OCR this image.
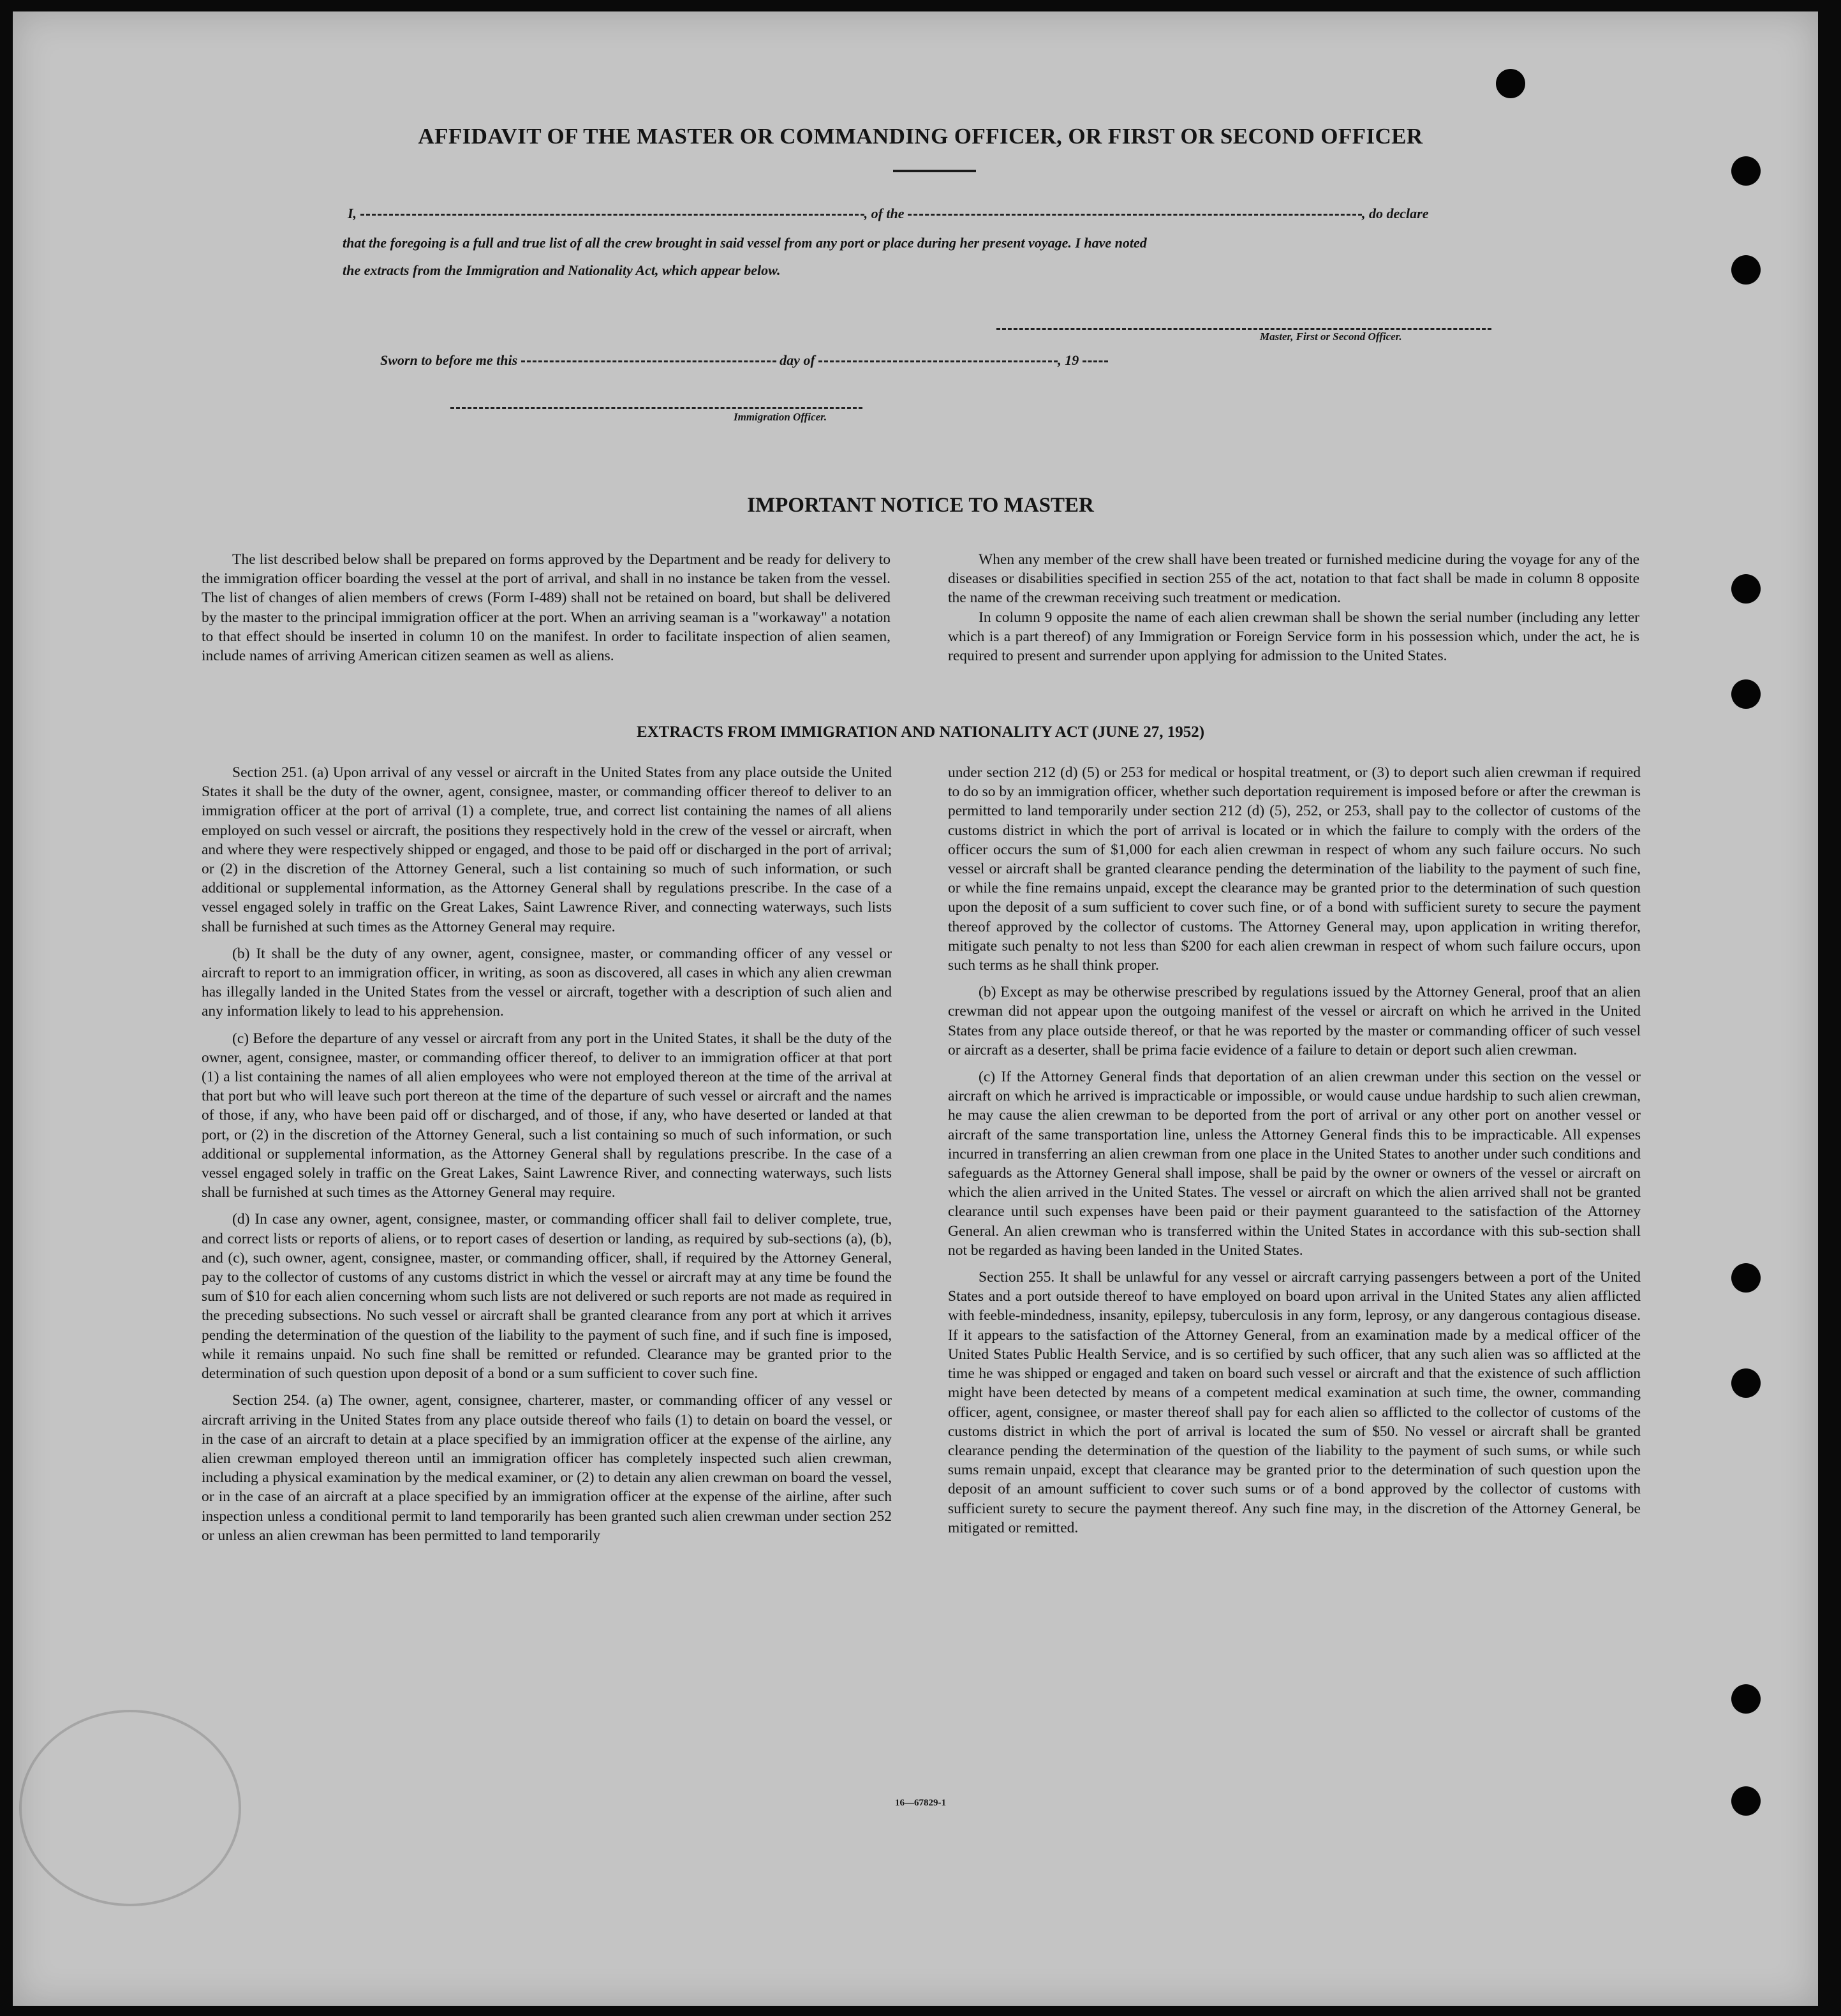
AFFIDAVIT OF THE MASTER OR COMMANDING OFFICER, OR FIRST OR SECOND OFFICER
I,	, of the	, do declare
that the foregoing is a full and true list of all the crew brought in said vessel from any port or place during her present voyage. I have noted
the extracts from the Immigration and Nationality Act, which appear below.
Master, First or Second Officer.
Sworn to before me this	day of	, 19
Immigration Officer.
IMPORTANT NOTICE TO MASTER

The list described below shall be prepared on forms approved by the Department and be ready for delivery to the immigration officer boarding the vessel at the port of arrival, and shall in no instance be taken from the vessel. The list of changes of alien members of crews (Form I-489) shall not be retained on board, but shall be delivered by the master to the principal immigration officer at the port. When an arriving seaman is a "workaway" a notation to that effect should be inserted in column 10 on the manifest. In order to facilitate inspection of alien seamen, include names of arriving American citizen seamen as well as aliens.

When any member of the crew shall have been treated or furnished medicine during the voyage for any of the diseases or disabilities specified in section 255 of the act, notation to that fact shall be made in column 8 opposite the name of the crewman receiving such treatment or medication.

In column 9 opposite the name of each alien crewman shall be shown the serial number (including any letter which is a part thereof) of any Immigration or Foreign Service form in his possession which, under the act, he is required to present and surrender upon applying for admission to the United States.

EXTRACTS FROM IMMIGRATION AND NATIONALITY ACT (JUNE 27, 1952)

Section 251. (a) Upon arrival of any vessel or aircraft in the United States from any place outside the United States it shall be the duty of the owner, agent, consignee, master, or commanding officer thereof to deliver to an immigration officer at the port of arrival (1) a complete, true, and correct list containing the names of all aliens employed on such vessel or aircraft, the positions they respectively hold in the crew of the vessel or aircraft, when and where they were respectively shipped or engaged, and those to be paid off or discharged in the port of arrival; or (2) in the discretion of the Attorney General, such a list containing so much of such information, or such additional or supplemental information, as the Attorney General shall by regulations prescribe. In the case of a vessel engaged solely in traffic on the Great Lakes, Saint Lawrence River, and connecting waterways, such lists shall be furnished at such times as the Attorney General may require.

(b) It shall be the duty of any owner, agent, consignee, master, or commanding officer of any vessel or aircraft to report to an immigration officer, in writing, as soon as discovered, all cases in which any alien crewman has illegally landed in the United States from the vessel or aircraft, together with a description of such alien and any information likely to lead to his apprehension.

(c) Before the departure of any vessel or aircraft from any port in the United States, it shall be the duty of the owner, agent, consignee, master, or commanding officer thereof, to deliver to an immigration officer at that port (1) a list containing the names of all alien employees who were not employed thereon at the time of the arrival at that port but who will leave such port thereon at the time of the departure of such vessel or aircraft and the names of those, if any, who have been paid off or discharged, and of those, if any, who have deserted or landed at that port, or (2) in the discretion of the Attorney General, such a list containing so much of such information, or such additional or supplemental information, as the Attorney General shall by regulations prescribe. In the case of a vessel engaged solely in traffic on the Great Lakes, Saint Lawrence River, and connecting waterways, such lists shall be furnished at such times as the Attorney General may require.

(d) In case any owner, agent, consignee, master, or commanding officer shall fail to deliver complete, true, and correct lists or reports of aliens, or to report cases of desertion or landing, as required by sub-sections (a), (b), and (c), such owner, agent, consignee, master, or commanding officer, shall, if required by the Attorney General, pay to the collector of customs of any customs district in which the vessel or aircraft may at any time be found the sum of $10 for each alien concerning whom such lists are not delivered or such reports are not made as required in the preceding subsections. No such vessel or aircraft shall be granted clearance from any port at which it arrives pending the determination of the question of the liability to the payment of such fine, and if such fine is imposed, while it remains unpaid. No such fine shall be remitted or refunded. Clearance may be granted prior to the determination of such question upon deposit of a bond or a sum sufficient to cover such fine.

Section 254. (a) The owner, agent, consignee, charterer, master, or commanding officer of any vessel or aircraft arriving in the United States from any place outside thereof who fails (1) to detain on board the vessel, or in the case of an aircraft to detain at a place specified by an immigration officer at the expense of the airline, any alien crewman employed thereon until an immigration officer has completely inspected such alien crewman, including a physical examination by the medical examiner, or (2) to detain any alien crewman on board the vessel, or in the case of an aircraft at a place specified by an immigration officer at the expense of the airline, after such inspection unless a conditional permit to land temporarily has been granted such alien crewman under section 252 or unless an alien crewman has been permitted to land temporarily

under section 212 (d) (5) or 253 for medical or hospital treatment, or (3) to deport such alien crewman if required to do so by an immigration officer, whether such deportation requirement is imposed before or after the crewman is permitted to land temporarily under section 212 (d) (5), 252, or 253, shall pay to the collector of customs of the customs district in which the port of arrival is located or in which the failure to comply with the orders of the officer occurs the sum of $1,000 for each alien crewman in respect of whom any such failure occurs. No such vessel or aircraft shall be granted clearance pending the determination of the liability to the payment of such fine, or while the fine remains unpaid, except the clearance may be granted prior to the determination of such question upon the deposit of a sum sufficient to cover such fine, or of a bond with sufficient surety to secure the payment thereof approved by the collector of customs. The Attorney General may, upon application in writing therefor, mitigate such penalty to not less than $200 for each alien crewman in respect of whom such failure occurs, upon such terms as he shall think proper.

(b) Except as may be otherwise prescribed by regulations issued by the Attorney General, proof that an alien crewman did not appear upon the outgoing manifest of the vessel or aircraft on which he arrived in the United States from any place outside thereof, or that he was reported by the master or commanding officer of such vessel or aircraft as a deserter, shall be prima facie evidence of a failure to detain or deport such alien crewman.

(c) If the Attorney General finds that deportation of an alien crewman under this section on the vessel or aircraft on which he arrived is impracticable or impossible, or would cause undue hardship to such alien crewman, he may cause the alien crewman to be deported from the port of arrival or any other port on another vessel or aircraft of the same transportation line, unless the Attorney General finds this to be impracticable. All expenses incurred in transferring an alien crewman from one place in the United States to another under such conditions and safeguards as the Attorney General shall impose, shall be paid by the owner or owners of the vessel or aircraft on which the alien arrived in the United States. The vessel or aircraft on which the alien arrived shall not be granted clearance until such expenses have been paid or their payment guaranteed to the satisfaction of the Attorney General. An alien crewman who is transferred within the United States in accordance with this sub-section shall not be regarded as having been landed in the United States.

Section 255. It shall be unlawful for any vessel or aircraft carrying passengers between a port of the United States and a port outside thereof to have employed on board upon arrival in the United States any alien afflicted with feeble-mindedness, insanity, epilepsy, tuberculosis in any form, leprosy, or any dangerous contagious disease. If it appears to the satisfaction of the Attorney General, from an examination made by a medical officer of the United States Public Health Service, and is so certified by such officer, that any such alien was so afflicted at the time he was shipped or engaged and taken on board such vessel or aircraft and that the existence of such affliction might have been detected by means of a competent medical examination at such time, the owner, commanding officer, agent, consignee, or master thereof shall pay for each alien so afflicted to the collector of customs of the customs district in which the port of arrival is located the sum of $50. No vessel or aircraft shall be granted clearance pending the determination of the question of the liability to the payment of such sums, or while such sums remain unpaid, except that clearance may be granted prior to the determination of such question upon the deposit of an amount sufficient to cover such sums or of a bond approved by the collector of customs with sufficient surety to secure the payment thereof. Any such fine may, in the discretion of the Attorney General, be mitigated or remitted.

16—67829-1
